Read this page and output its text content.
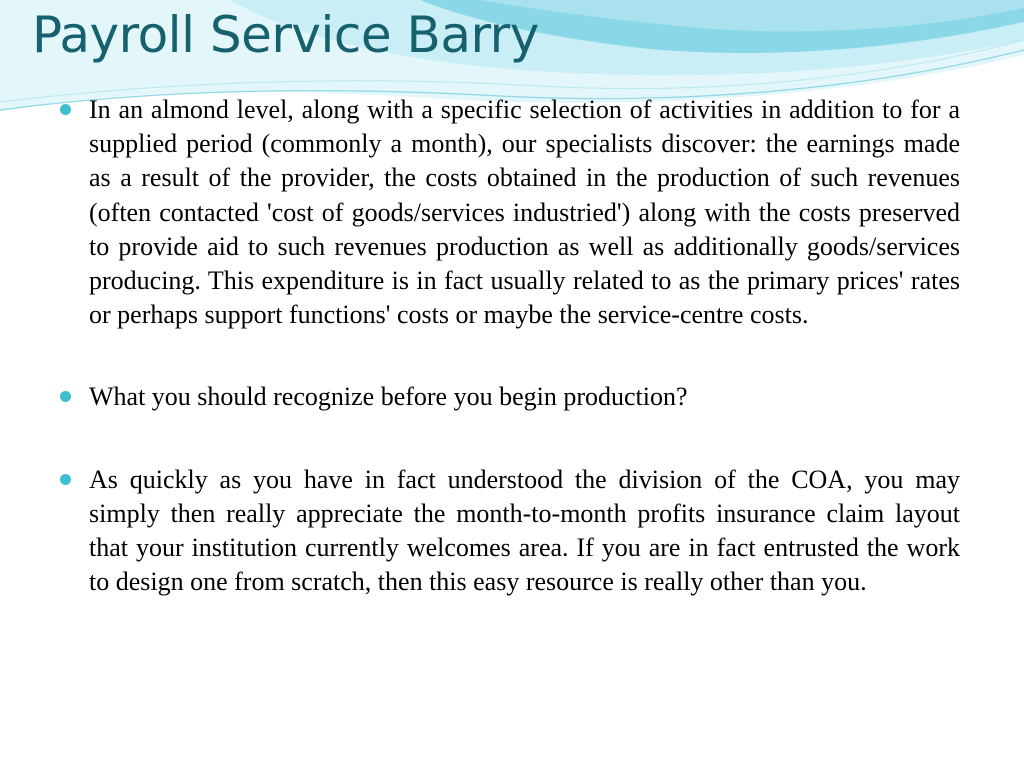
Payroll Service Barry
In an almond level, along with a specific selection of activities in addition to for a supplied period (commonly a month), our specialists discover: the earnings made as a result of the provider, the costs obtained in the production of such revenues (often contacted 'cost of goods/services industried') along with the costs preserved to provide aid to such revenues production as well as additionally goods/services producing. This expenditure is in fact usually related to as the primary prices' rates or perhaps support functions' costs or maybe the service-centre costs.
What you should recognize before you begin production?
As quickly as you have in fact understood the division of the COA, you may simply then really appreciate the month-to-month profits insurance claim layout that your institution currently welcomes area. If you are in fact entrusted the work to design one from scratch, then this easy resource is really other than you.
